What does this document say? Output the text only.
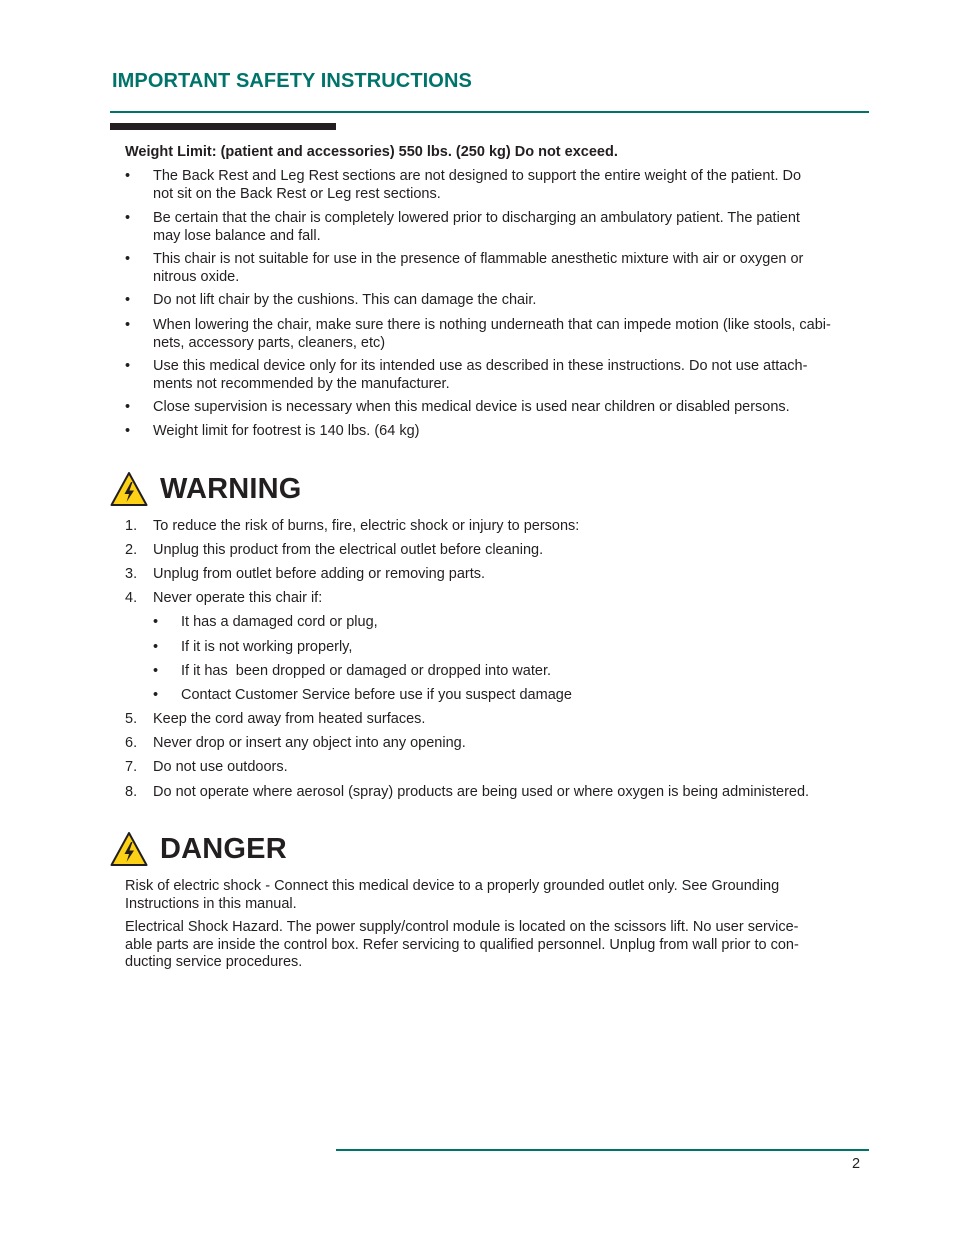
IMPORTANT SAFETY INSTRUCTIONS
Weight Limit: (patient and accessories) 550 lbs. (250 kg) Do not exceed.
• The Back Rest and Leg Rest sections are not designed to support the entire weight of the patient. Do
not sit on the Back Rest or Leg rest sections.
• Be certain that the chair is completely lowered prior to discharging an ambulatory patient. The patient
may lose balance and fall.
• This chair is not suitable for use in the presence of flammable anesthetic mixture with air or oxygen or
nitrous oxide.
• Do not lift chair by the cushions. This can damage the chair.
• When lowering the chair, make sure there is nothing underneath that can impede motion (like stools, cabi-
nets, accessory parts, cleaners, etc)
• Use this medical device only for its intended use as described in these instructions. Do not use attach-
ments not recommended by the manufacturer.
• Close supervision is necessary when this medical device is used near children or disabled persons.
• Weight limit for footrest is 140 lbs. (64 kg)
WARNING
1. To reduce the risk of burns, fire, electric shock or injury to persons:
2. Unplug this product from the electrical outlet before cleaning.
3. Unplug from outlet before adding or removing parts.
4. Never operate this chair if:
• It has a damaged cord or plug,
• If it is not working properly,
• If it has  been dropped or damaged or dropped into water.
• Contact Customer Service before use if you suspect damage
5. Keep the cord away from heated surfaces.
6. Never drop or insert any object into any opening.
7. Do not use outdoors.
8. Do not operate where aerosol (spray) products are being used or where oxygen is being administered.
DANGER
Risk of electric shock - Connect this medical device to a properly grounded outlet only. See Grounding
Instructions in this manual.
Electrical Shock Hazard. The power supply/control module is located on the scissors lift. No user service-
able parts are inside the control box. Refer servicing to qualified personnel. Unplug from wall prior to con-
ducting service procedures.
2
